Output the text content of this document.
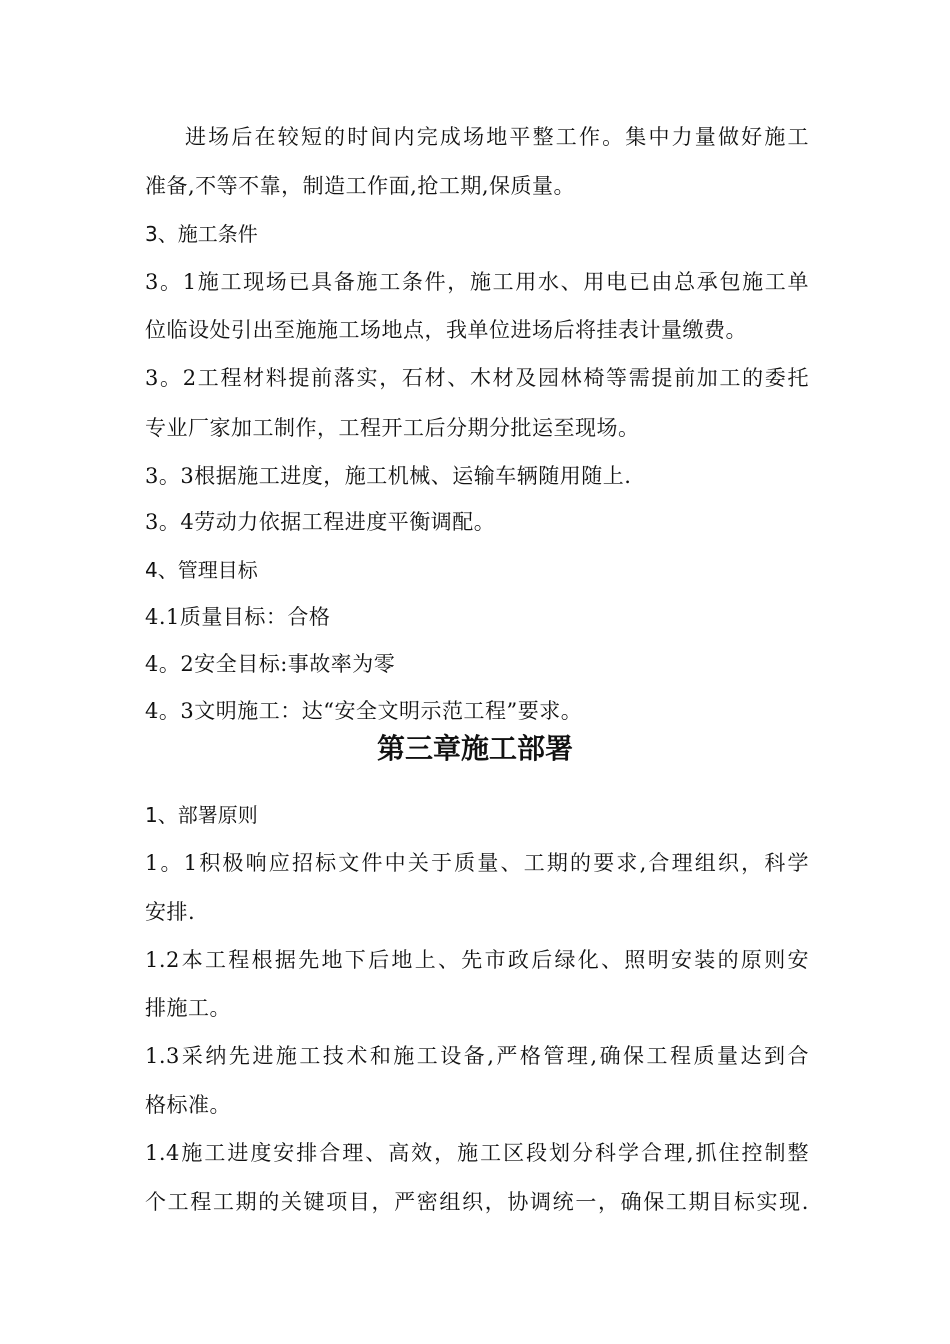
进场后在较短的时间内完成场地平整工作。集中力量做好施工

准备,不等不靠，制造工作面,抢工期,保质量。

3、施工条件

3。1施工现场已具备施工条件，施工用水、用电已由总承包施工单

位临设处引出至施施工场地点，我单位进场后将挂表计量缴费。

3。2工程材料提前落实，石材、木材及园林椅等需提前加工的委托

专业厂家加工制作，工程开工后分期分批运至现场。

3。3根据施工进度，施工机械、运输车辆随用随上.

3。4劳动力依据工程进度平衡调配。

4、管理目标

4.1质量目标：合格

4。2安全目标:事故率为零

4。3文明施工：达“安全文明示范工程”要求。

第三章施工部署

1、部署原则

1。1积极响应招标文件中关于质量、工期的要求,合理组织，科学

安排.

1.2本工程根据先地下后地上、先市政后绿化、照明安装的原则安

排施工。

1.3采纳先进施工技术和施工设备,严格管理,确保工程质量达到合

格标准。

1.4施工进度安排合理、高效，施工区段划分科学合理,抓住控制整

个工程工期的关键项目，严密组织，协调统一，确保工期目标实现.
